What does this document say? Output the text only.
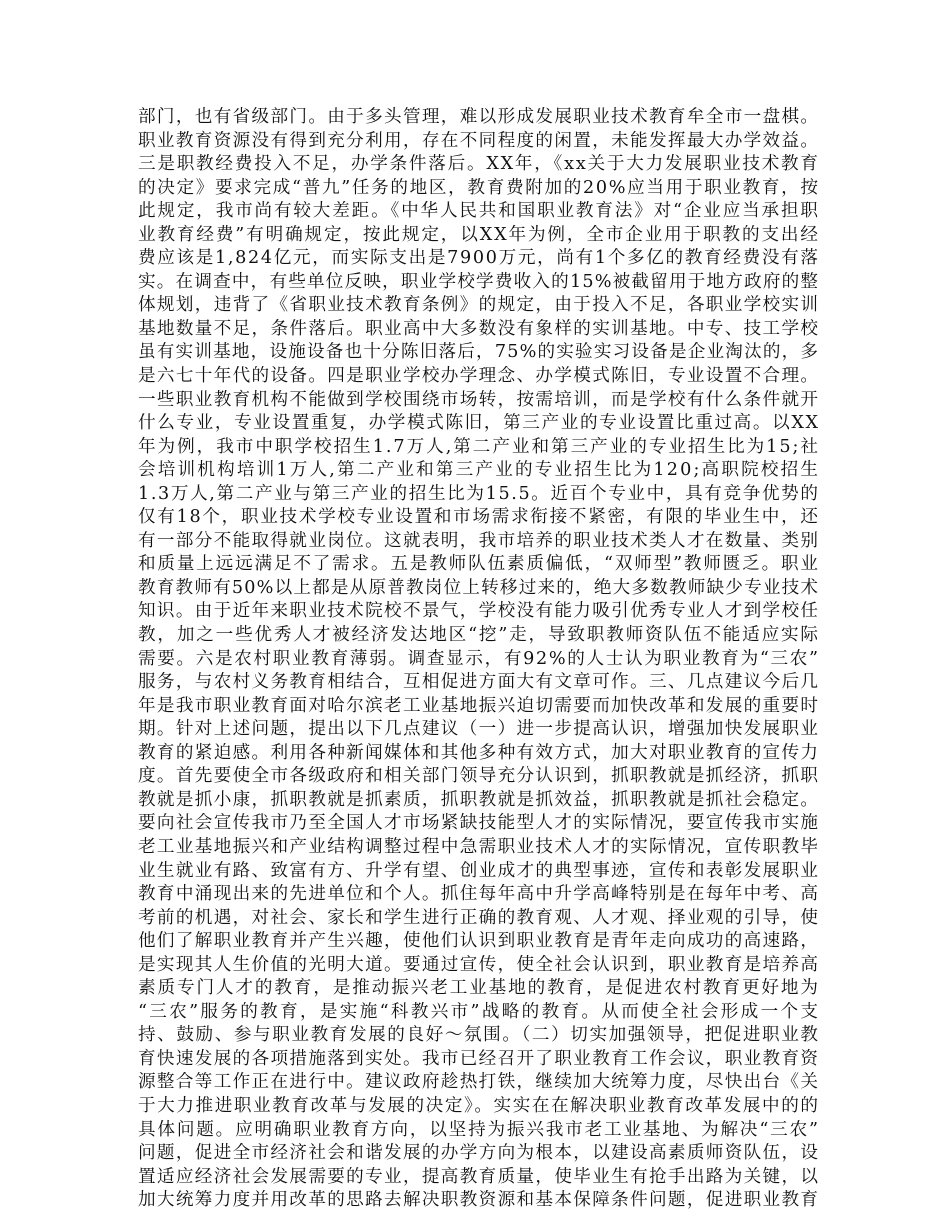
部门，也有省级部门。由于多头管理，难以形成发展职业技术教育牟全市一盘棋。
职业教育资源没有得到充分利用，存在不同程度的闲置，未能发挥最大办学效益。
三是职教经费投入不足，办学条件落后。XX年，《xx关于大力发展职业技术教育
的决定》要求完成“普九”任务的地区，教育费附加的20%应当用于职业教育，按
此规定，我市尚有较大差距。《中华人民共和国职业教育法》对“企业应当承担职
业教育经费”有明确规定，按此规定，以XX年为例，全市企业用于职教的支出经
费应该是1,824亿元，而实际支出是7900万元，尚有1个多亿的教育经费没有落
实。在调查中，有些单位反映，职业学校学费收入的15%被截留用于地方政府的整
体规划，违背了《省职业技术教育条例》的规定，由于投入不足，各职业学校实训
基地数量不足，条件落后。职业高中大多数没有象样的实训基地。中专、技工学校
虽有实训基地，设施设备也十分陈旧落后，75%的实验实习设备是企业淘汰的，多
是六七十年代的设备。四是职业学校办学理念、办学模式陈旧，专业设置不合理。
一些职业教育机构不能做到学校围绕市场转，按需培训，而是学校有什么条件就开
什么专业，专业设置重复，办学模式陈旧，第三产业的专业设置比重过高。以XX
年为例，我市中职学校招生1.7万人,第二产业和第三产业的专业招生比为15;社
会培训机构培训1万人,第二产业和第三产业的专业招生比为120;高职院校招生
1.3万人,第二产业与第三产业的招生比为15.5。近百个专业中，具有竞争优势的
仅有18个，职业技术学校专业设置和市场需求衔接不紧密，有限的毕业生中，还
有一部分不能取得就业岗位。这就表明，我市培养的职业技术类人才在数量、类别
和质量上远远满足不了需求。五是教师队伍素质偏低，“双师型”教师匮乏。职业
教育教师有50%以上都是从原普教岗位上转移过来的，绝大多数教师缺少专业技术
知识。由于近年来职业技术院校不景气，学校没有能力吸引优秀专业人才到学校任
教，加之一些优秀人才被经济发达地区“挖”走，导致职教师资队伍不能适应实际
需要。六是农村职业教育薄弱。调查显示，有92%的人士认为职业教育为“三农”
服务，与农村义务教育相结合，互相促进方面大有文章可作。三、几点建议今后几
年是我市职业教育面对哈尔滨老工业基地振兴迫切需要而加快改革和发展的重要时
期。针对上述问题，提出以下几点建议（一）进一步提高认识，增强加快发展职业
教育的紧迫感。利用各种新闻媒体和其他多种有效方式，加大对职业教育的宣传力
度。首先要使全市各级政府和相关部门领导充分认识到，抓职教就是抓经济，抓职
教就是抓小康，抓职教就是抓素质，抓职教就是抓效益，抓职教就是抓社会稳定。
要向社会宣传我市乃至全国人才市场紧缺技能型人才的实际情况，要宣传我市实施
老工业基地振兴和产业结构调整过程中急需职业技术人才的实际情况，宣传职教毕
业生就业有路、致富有方、升学有望、创业成才的典型事迹，宣传和表彰发展职业
教育中涌现出来的先进单位和个人。抓住每年高中升学高峰特别是在每年中考、高
考前的机遇，对社会、家长和学生进行正确的教育观、人才观、择业观的引导，使
他们了解职业教育并产生兴趣，使他们认识到职业教育是青年走向成功的高速路，
是实现其人生价值的光明大道。要通过宣传，使全社会认识到，职业教育是培养高
素质专门人才的教育，是推动振兴老工业基地的教育，是促进农村教育更好地为
“三农”服务的教育，是实施“科教兴市”战略的教育。从而使全社会形成一个支
持、鼓励、参与职业教育发展的良好～氛围。（二）切实加强领导，把促进职业教
育快速发展的各项措施落到实处。我市已经召开了职业教育工作会议，职业教育资
源整合等工作正在进行中。建议政府趁热打铁，继续加大统筹力度，尽快出台《关
于大力推进职业教育改革与发展的决定》。实实在在解决职业教育改革发展中的的
具体问题。应明确职业教育方向，以坚持为振兴我市老工业基地、为解决“三农”
问题，促进全市经济社会和谐发展的办学方向为根本，以建设高素质师资队伍，设
置适应经济社会发展需要的专业，提高教育质量，使毕业生有抢手出路为关键，以
加大统筹力度并用改革的思路去解决职教资源和基本保障条件问题，促进职业教育
